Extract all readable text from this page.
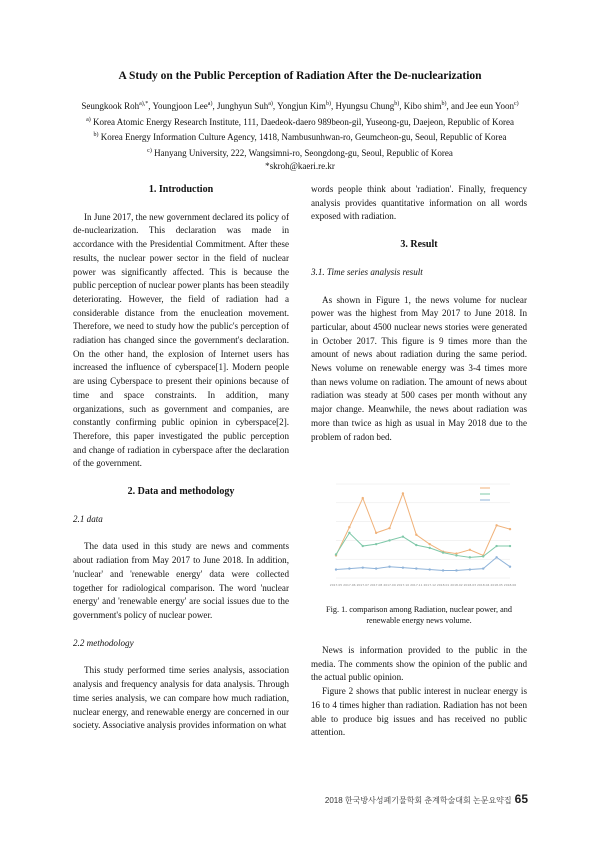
A Study on the Public Perception of Radiation After the De-nuclearization

Seungkook Roh$^{a),*}$, Youngjoon Lee$^{a)}$, Junghyun Suh$^{a)}$, Yongjun Kim$^{b)}$, Hyungsu Chung$^{b)}$, Kibo shim$^{b)}$, and Jee eun Yoon$^{c)}$

$^{a)}$ Korea Atomic Energy Research Institute, 111, Daedeok-daero 989beon-gil, Yuseong-gu, Daejeon, Republic of Korea

$^{b)}$ Korea Energy Information Culture Agency, 1418, Nambusunhwan-ro, Geumcheon-gu, Seoul, Republic of Korea

$^{c)}$ Hanyang University, 222, Wangsimni-ro, Seongdong-gu, Seoul, Republic of Korea

*skroh@kaeri.re.kr

1. Introduction

In June 2017, the new government declared its policy of de-nuclearization. This declaration was made in accordance with the Presidential Commitment. After these results, the nuclear power sector in the field of nuclear power was significantly affected. This is because the public perception of nuclear power plants has been steadily deteriorating. However, the field of radiation had a considerable distance from the enucleation movement. Therefore, we need to study how the public's perception of radiation has changed since the government's declaration. On the other hand, the explosion of Internet users has increased the influence of cyberspace[1]. Modern people are using Cyberspace to present their opinions because of time and space constraints. In addition, many organizations, such as government and companies, are constantly confirming public opinion in cyberspace[2]. Therefore, this paper investigated the public perception and change of radiation in cyberspace after the declaration of the government.

2. Data and methodology

2.1 data

The data used in this study are news and comments about radiation from May 2017 to June 2018. In addition, 'nuclear' and 'renewable energy' data were collected together for radiological comparison. The word 'nuclear energy' and 'renewable energy' are social issues due to the government's policy of nuclear power.

2.2 methodology

This study performed time series analysis, association analysis and frequency analysis for data analysis. Through time series analysis, we can compare how much radiation, nuclear energy, and renewable energy are concerned in our society. Associative analysis provides information on what

words people think about 'radiation'. Finally, frequency analysis provides quantitative information on all words exposed with radiation.

3. Result

3.1. Time series analysis result

As shown in Figure 1, the news volume for nuclear power was the highest from May 2017 to June 2018. In particular, about 4500 nuclear news stories were generated in October 2017. This figure is 9 times more than the amount of news about radiation during the same period. News volume on renewable energy was 3-4 times more than news volume on radiation. The amount of news about radiation was steady at 500 cases per month without any major change. Meanwhile, the news about radiation was more than twice as high as usual in May 2018 due to the problem of radon bed.

2017.05 2017.06 2017.07 2017.08 2017.09 2017.10 2017.11 2017.12 2018.01 2018.02 2018.03 2018.04 2018.05 2018.06
Fig. 1. comparison among Radiation, nuclear power, and renewable energy news volume.

News is information provided to the public in the media. The comments show the opinion of the public and the actual public opinion.

Figure 2 shows that public interest in nuclear energy is 16 to 4 times higher than radiation. Radiation has not been able to produce big issues and has received no public attention.

2018 한국방사성폐기물학회 춘계학술대회 논문요약집 65
